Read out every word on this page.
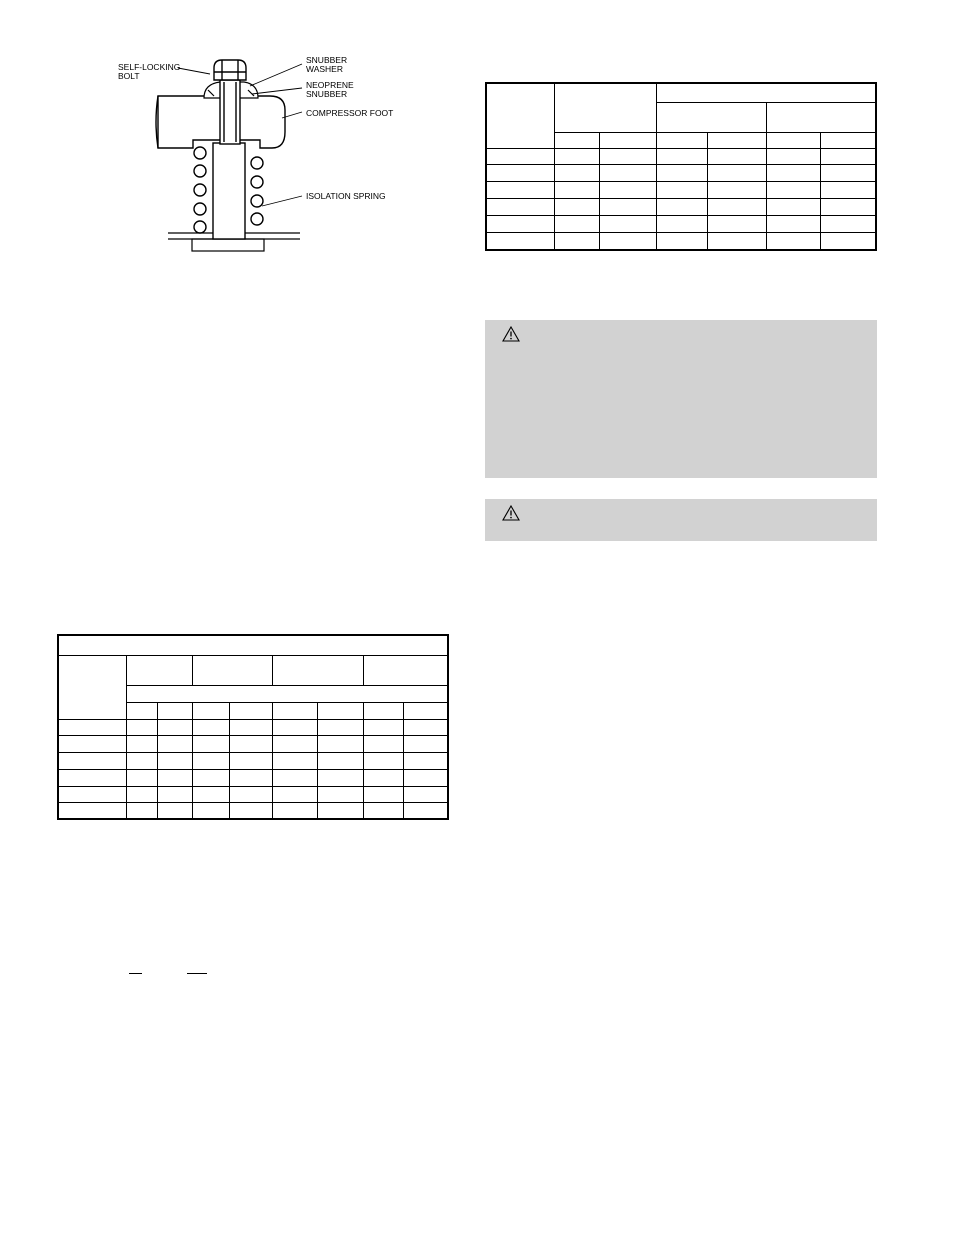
SELF-LOCKING
BOLT
SNUBBER
WASHER
NEOPRENE
SNUBBER
COMPRESSOR FOOT
ISOLATION SPRING
